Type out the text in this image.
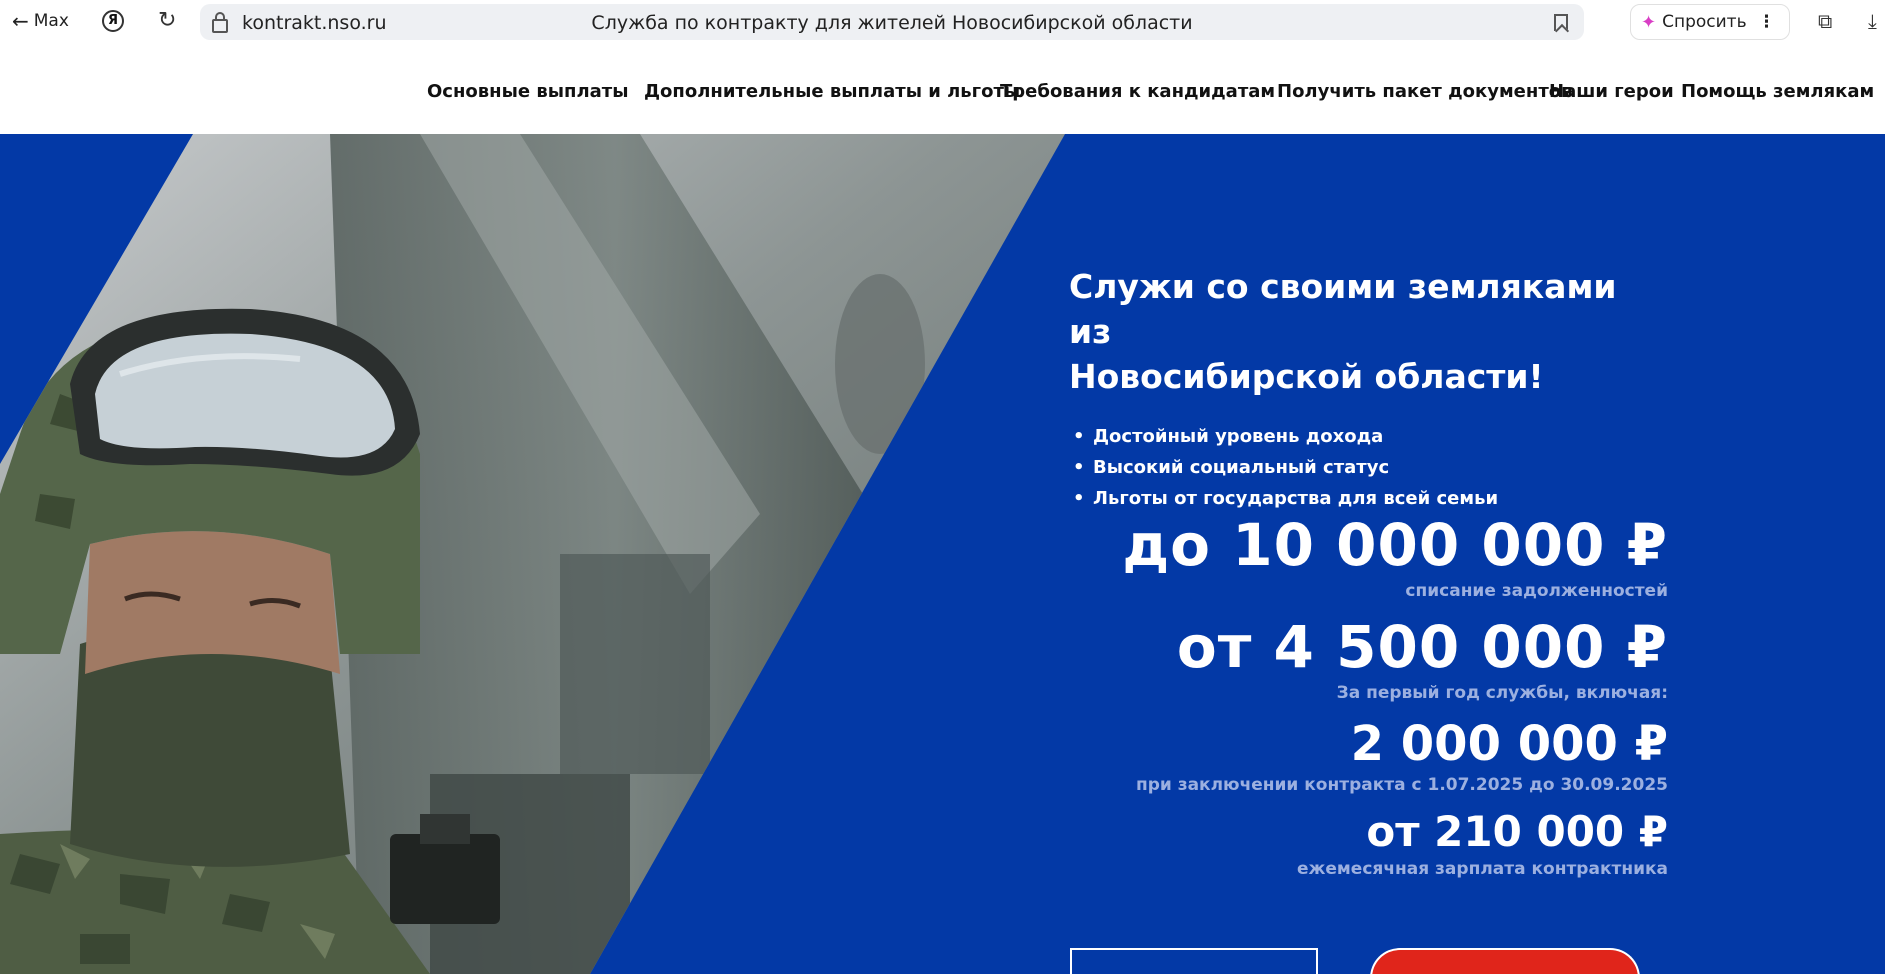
← Max	Я ↻	kontrakt.nso.ru	Служба по контракту для жителей Новосибирской области	✦ Спросить ⋮ ⧉ ⤓
Основные выплаты Дополнительные выплаты и льготы
Требования к кандидатам Получить пакет документов
Наши герои Помощь землякам
Служи со своими земляками из
Новосибирской области!
• Достойный уровень дохода
• Высокий социальный статус
• Льготы от государства для всей семьи
до 10 000 000 ₽
списание задолженностей
от 4 500 000 ₽
За первый год службы, включая:
2 000 000 ₽
при заключении контракта с 1.07.2025 до 30.09.2025
от 210 000 ₽
ежемесячная зарплата контрактника
